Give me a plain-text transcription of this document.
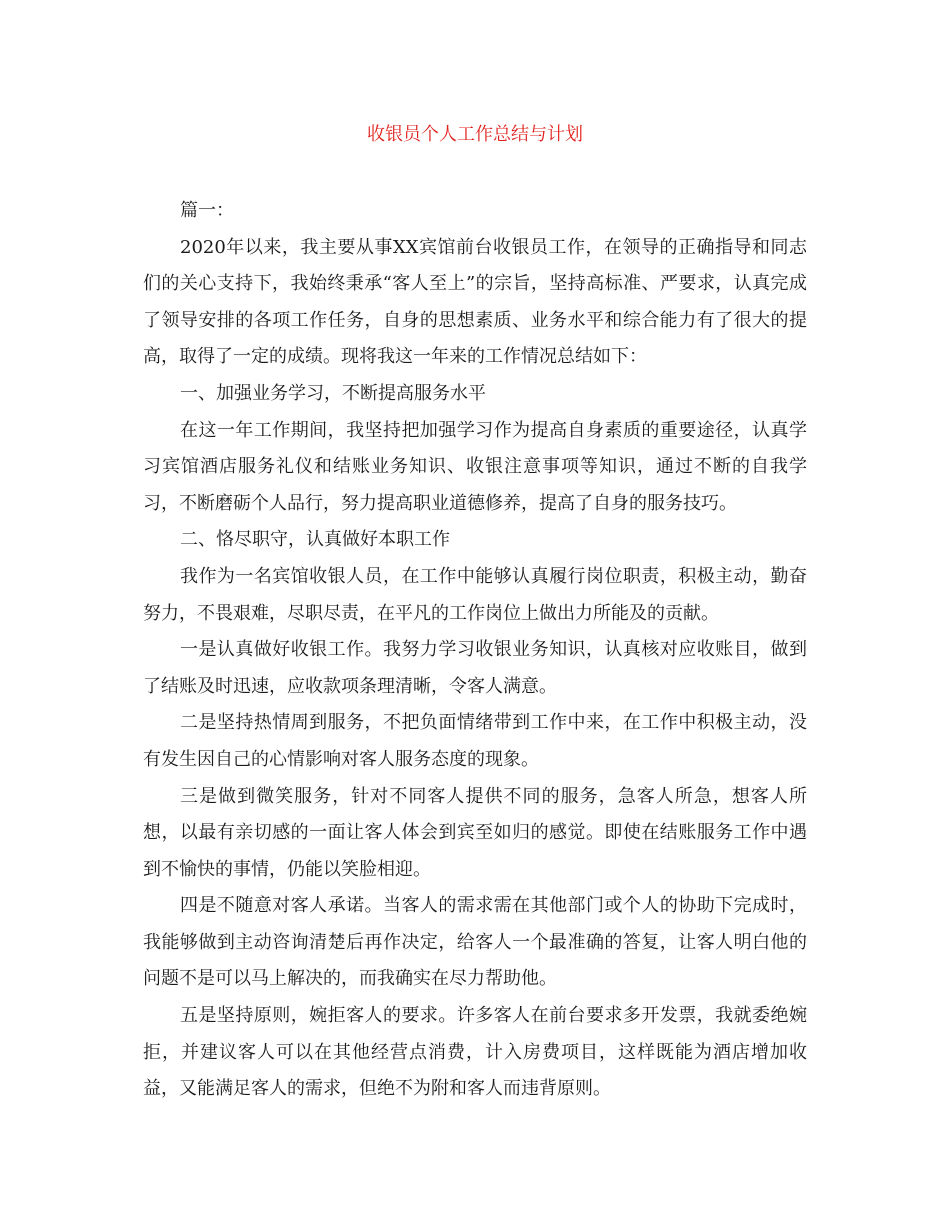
收银员个人工作总结与计划

篇一：

2020年以来，我主要从事XX宾馆前台收银员工作，在领导的正确指导和同志们的关心支持下，我始终秉承“客人至上”的宗旨，坚持高标准、严要求，认真完成了领导安排的各项工作任务，自身的思想素质、业务水平和综合能力有了很大的提高，取得了一定的成绩。现将我这一年来的工作情况总结如下：

一、加强业务学习，不断提高服务水平

在这一年工作期间，我坚持把加强学习作为提高自身素质的重要途径，认真学习宾馆酒店服务礼仪和结账业务知识、收银注意事项等知识，通过不断的自我学习，不断磨砺个人品行，努力提高职业道德修养，提高了自身的服务技巧。

二、恪尽职守，认真做好本职工作

我作为一名宾馆收银人员，在工作中能够认真履行岗位职责，积极主动，勤奋努力，不畏艰难，尽职尽责，在平凡的工作岗位上做出力所能及的贡献。

一是认真做好收银工作。我努力学习收银业务知识，认真核对应收账目，做到了结账及时迅速，应收款项条理清晰，令客人满意。

二是坚持热情周到服务，不把负面情绪带到工作中来，在工作中积极主动，没有发生因自己的心情影响对客人服务态度的现象。

三是做到微笑服务，针对不同客人提供不同的服务，急客人所急，想客人所想，以最有亲切感的一面让客人体会到宾至如归的感觉。即使在结账服务工作中遇到不愉快的事情，仍能以笑脸相迎。

四是不随意对客人承诺。当客人的需求需在其他部门或个人的协助下完成时，我能够做到主动咨询清楚后再作决定，给客人一个最准确的答复，让客人明白他的问题不是可以马上解决的，而我确实在尽力帮助他。

五是坚持原则，婉拒客人的要求。许多客人在前台要求多开发票，我就委绝婉拒，并建议客人可以在其他经营点消费，计入房费项目，这样既能为酒店增加收益，又能满足客人的需求，但绝不为附和客人而违背原则。
